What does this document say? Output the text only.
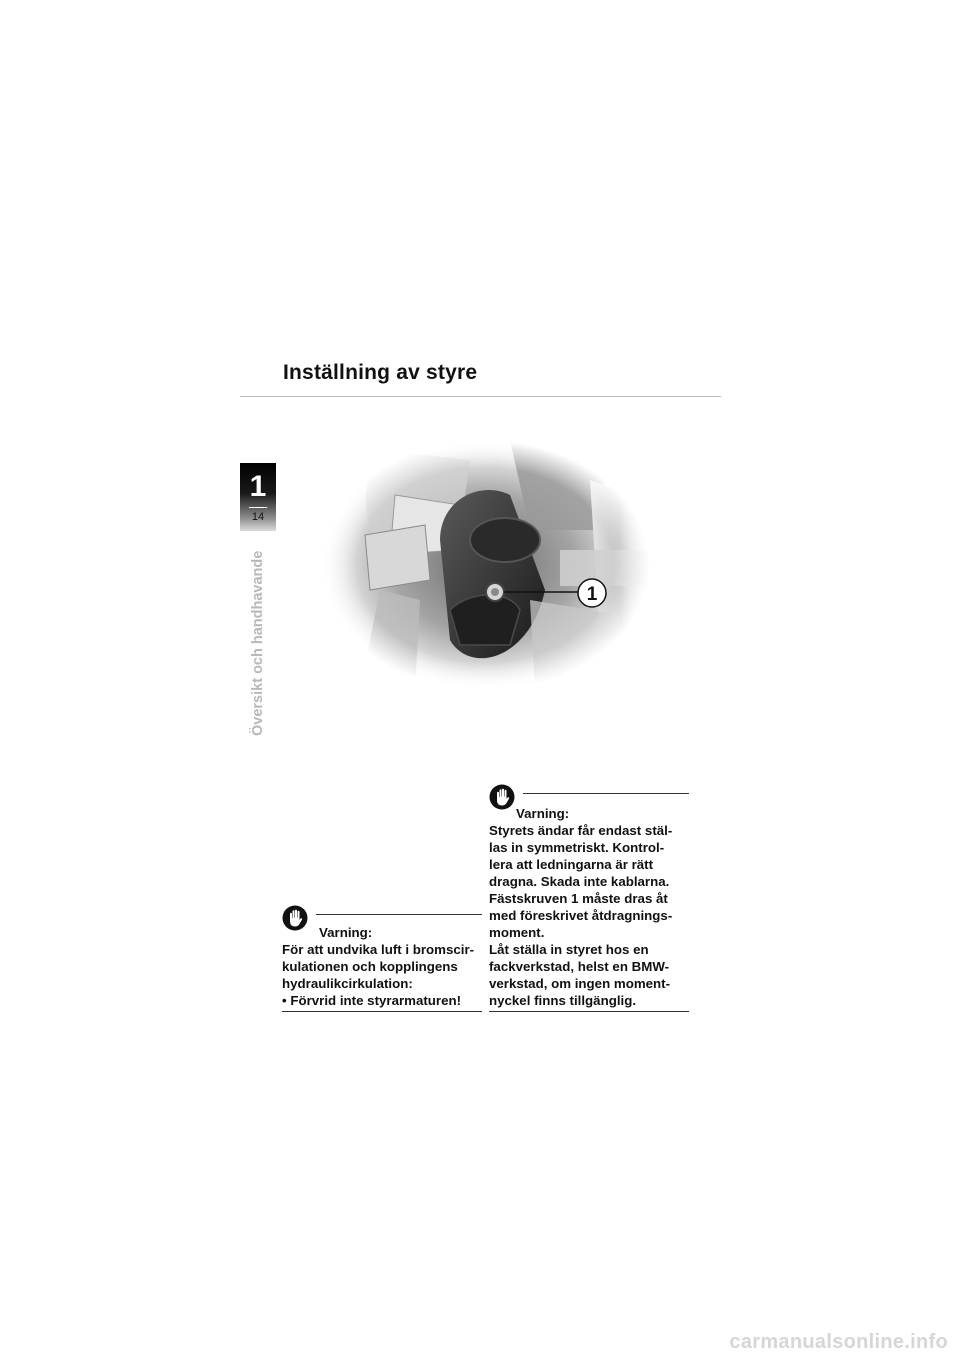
Inställning av styre
1
14
Översikt och handhavande	1
Varning:
För att undvika luft i bromscir-
kulationen och kopplingens
hydraulikcirkulation:
• Förvrid inte styrarmaturen!
Varning:
Styrets ändar får endast stäl-
las in symmetriskt. Kontrol-
lera att ledningarna är rätt
dragna. Skada inte kablarna.
Fästskruven 1 måste dras åt
med föreskrivet åtdragnings-
moment.
Låt ställa in styret hos en
fackverkstad, helst en BMW-
verkstad, om ingen moment-
nyckel finns tillgänglig.
carmanualsonline.info
